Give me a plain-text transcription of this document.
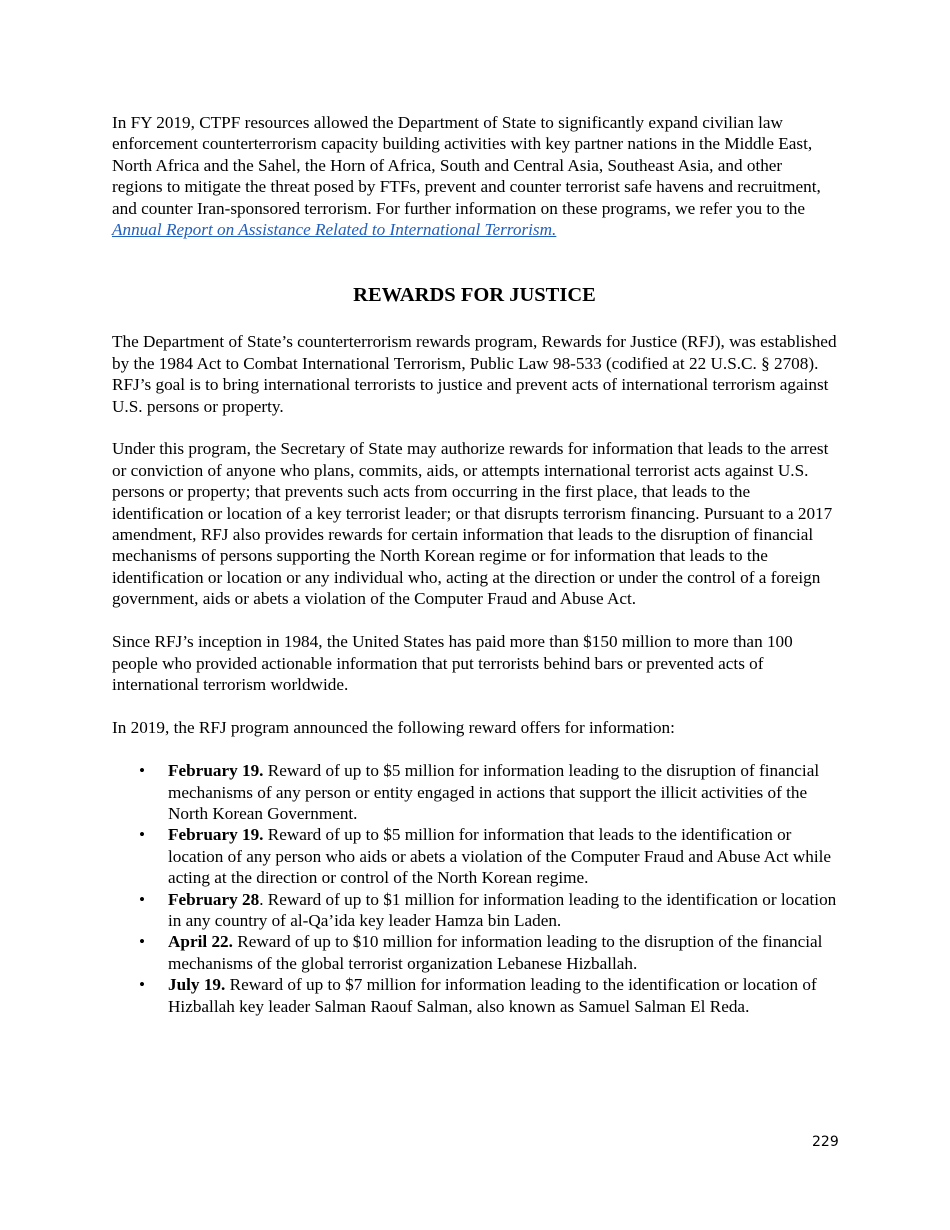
In FY 2019, CTPF resources allowed the Department of State to significantly expand civilian law enforcement counterterrorism capacity building activities with key partner nations in the Middle East, North Africa and the Sahel, the Horn of Africa, South and Central Asia, Southeast Asia, and other regions to mitigate the threat posed by FTFs, prevent and counter terrorist safe havens and recruitment, and counter Iran-sponsored terrorism. For further information on these programs, we refer you to the Annual Report on Assistance Related to International Terrorism.

REWARDS FOR JUSTICE

The Department of State’s counterterrorism rewards program, Rewards for Justice (RFJ), was established by the 1984 Act to Combat International Terrorism, Public Law 98-533 (codified at 22 U.S.C. § 2708). RFJ’s goal is to bring international terrorists to justice and prevent acts of international terrorism against U.S. persons or property.

Under this program, the Secretary of State may authorize rewards for information that leads to the arrest or conviction of anyone who plans, commits, aids, or attempts international terrorist acts against U.S. persons or property; that prevents such acts from occurring in the first place, that leads to the identification or location of a key terrorist leader; or that disrupts terrorism financing. Pursuant to a 2017 amendment, RFJ also provides rewards for certain information that leads to the disruption of financial mechanisms of persons supporting the North Korean regime or for information that leads to the identification or location or any individual who, acting at the direction or under the control of a foreign government, aids or abets a violation of the Computer Fraud and Abuse Act.

Since RFJ’s inception in 1984, the United States has paid more than $150 million to more than 100 people who provided actionable information that put terrorists behind bars or prevented acts of international terrorism worldwide.

In 2019, the RFJ program announced the following reward offers for information:

• February 19. Reward of up to $5 million for information leading to the disruption of financial mechanisms of any person or entity engaged in actions that support the illicit activities of the North Korean Government.
• February 19. Reward of up to $5 million for information that leads to the identification or location of any person who aids or abets a violation of the Computer Fraud and Abuse Act while acting at the direction or control of the North Korean regime.
• February 28. Reward of up to $1 million for information leading to the identification or location in any country of al-Qa’ida key leader Hamza bin Laden.
• April 22. Reward of up to $10 million for information leading to the disruption of the financial mechanisms of the global terrorist organization Lebanese Hizballah.
• July 19. Reward of up to $7 million for information leading to the identification or location of Hizballah key leader Salman Raouf Salman, also known as Samuel Salman El Reda.
229
